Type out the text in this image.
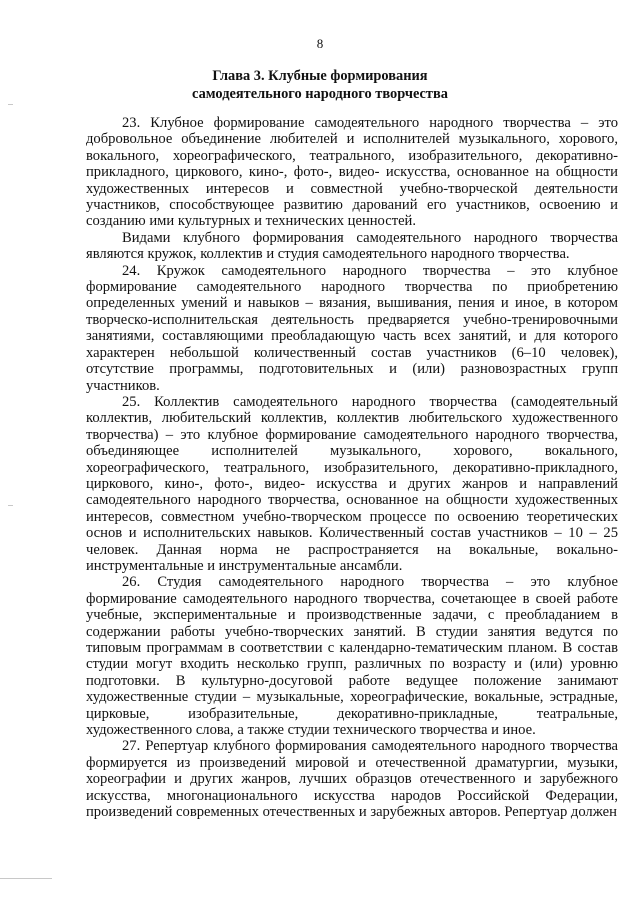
8
Глава 3. Клубные формирования
самодеятельного народного творчества

23. Клубное формирование самодеятельного народного творчества – это добровольное объединение любителей и исполнителей музыкального, хорового, вокального, хореографического, театрального, изобразительного, декоративно-прикладного, циркового, кино-, фото-, видео- искусства, основанное на общности художественных интересов и совместной учебно-творческой деятельности участников, способствующее развитию дарований его участников, освоению и созданию ими культурных и технических ценностей.

Видами клубного формирования самодеятельного народного творчества являются кружок, коллектив и студия самодеятельного народного творчества.

24. Кружок самодеятельного народного творчества – это клубное формирование самодеятельного народного творчества по приобретению определенных умений и навыков – вязания, вышивания, пения и иное, в котором творческо-исполнительская деятельность предваряется учебно-тренировочными занятиями, составляющими преобладающую часть всех занятий, и для которого характерен небольшой количественный состав участников (6–10 человек), отсутствие программы, подготовительных и (или) разновозрастных групп участников.

25. Коллектив самодеятельного народного творчества (самодеятельный коллектив, любительский коллектив, коллектив любительского художественного творчества) – это клубное формирование самодеятельного народного творчества, объединяющее исполнителей музыкального, хорового, вокального, хореографического, театрального, изобразительного, декоративно-прикладного, циркового, кино-, фото-, видео- искусства и других жанров и направлений самодеятельного народного творчества, основанное на общности художественных интересов, совместном учебно-творческом процессе по освоению теоретических основ и исполнительских навыков. Количественный состав участников – 10 – 25 человек. Данная норма не распространяется на вокальные, вокально-инструментальные и инструментальные ансамбли.

26. Студия самодеятельного народного творчества – это клубное формирование самодеятельного народного творчества, сочетающее в своей работе учебные, экспериментальные и производственные задачи, с преобладанием в содержании работы учебно-творческих занятий. В студии занятия ведутся по типовым программам в соответствии с календарно-тематическим планом. В состав студии могут входить несколько групп, различных по возрасту и (или) уровню подготовки. В культурно-досуговой работе ведущее положение занимают художественные студии – музыкальные, хореографические, вокальные, эстрадные, цирковые, изобразительные, декоративно-прикладные, театральные, художественного слова, а также студии технического творчества и иное.

27. Репертуар клубного формирования самодеятельного народного творчества формируется из произведений мировой и отечественной драматургии, музыки, хореографии и других жанров, лучших образцов отечественного и зарубежного искусства, многонационального искусства народов Российской Федерации, произведений современных отечественных и зарубежных авторов. Репертуар должен
